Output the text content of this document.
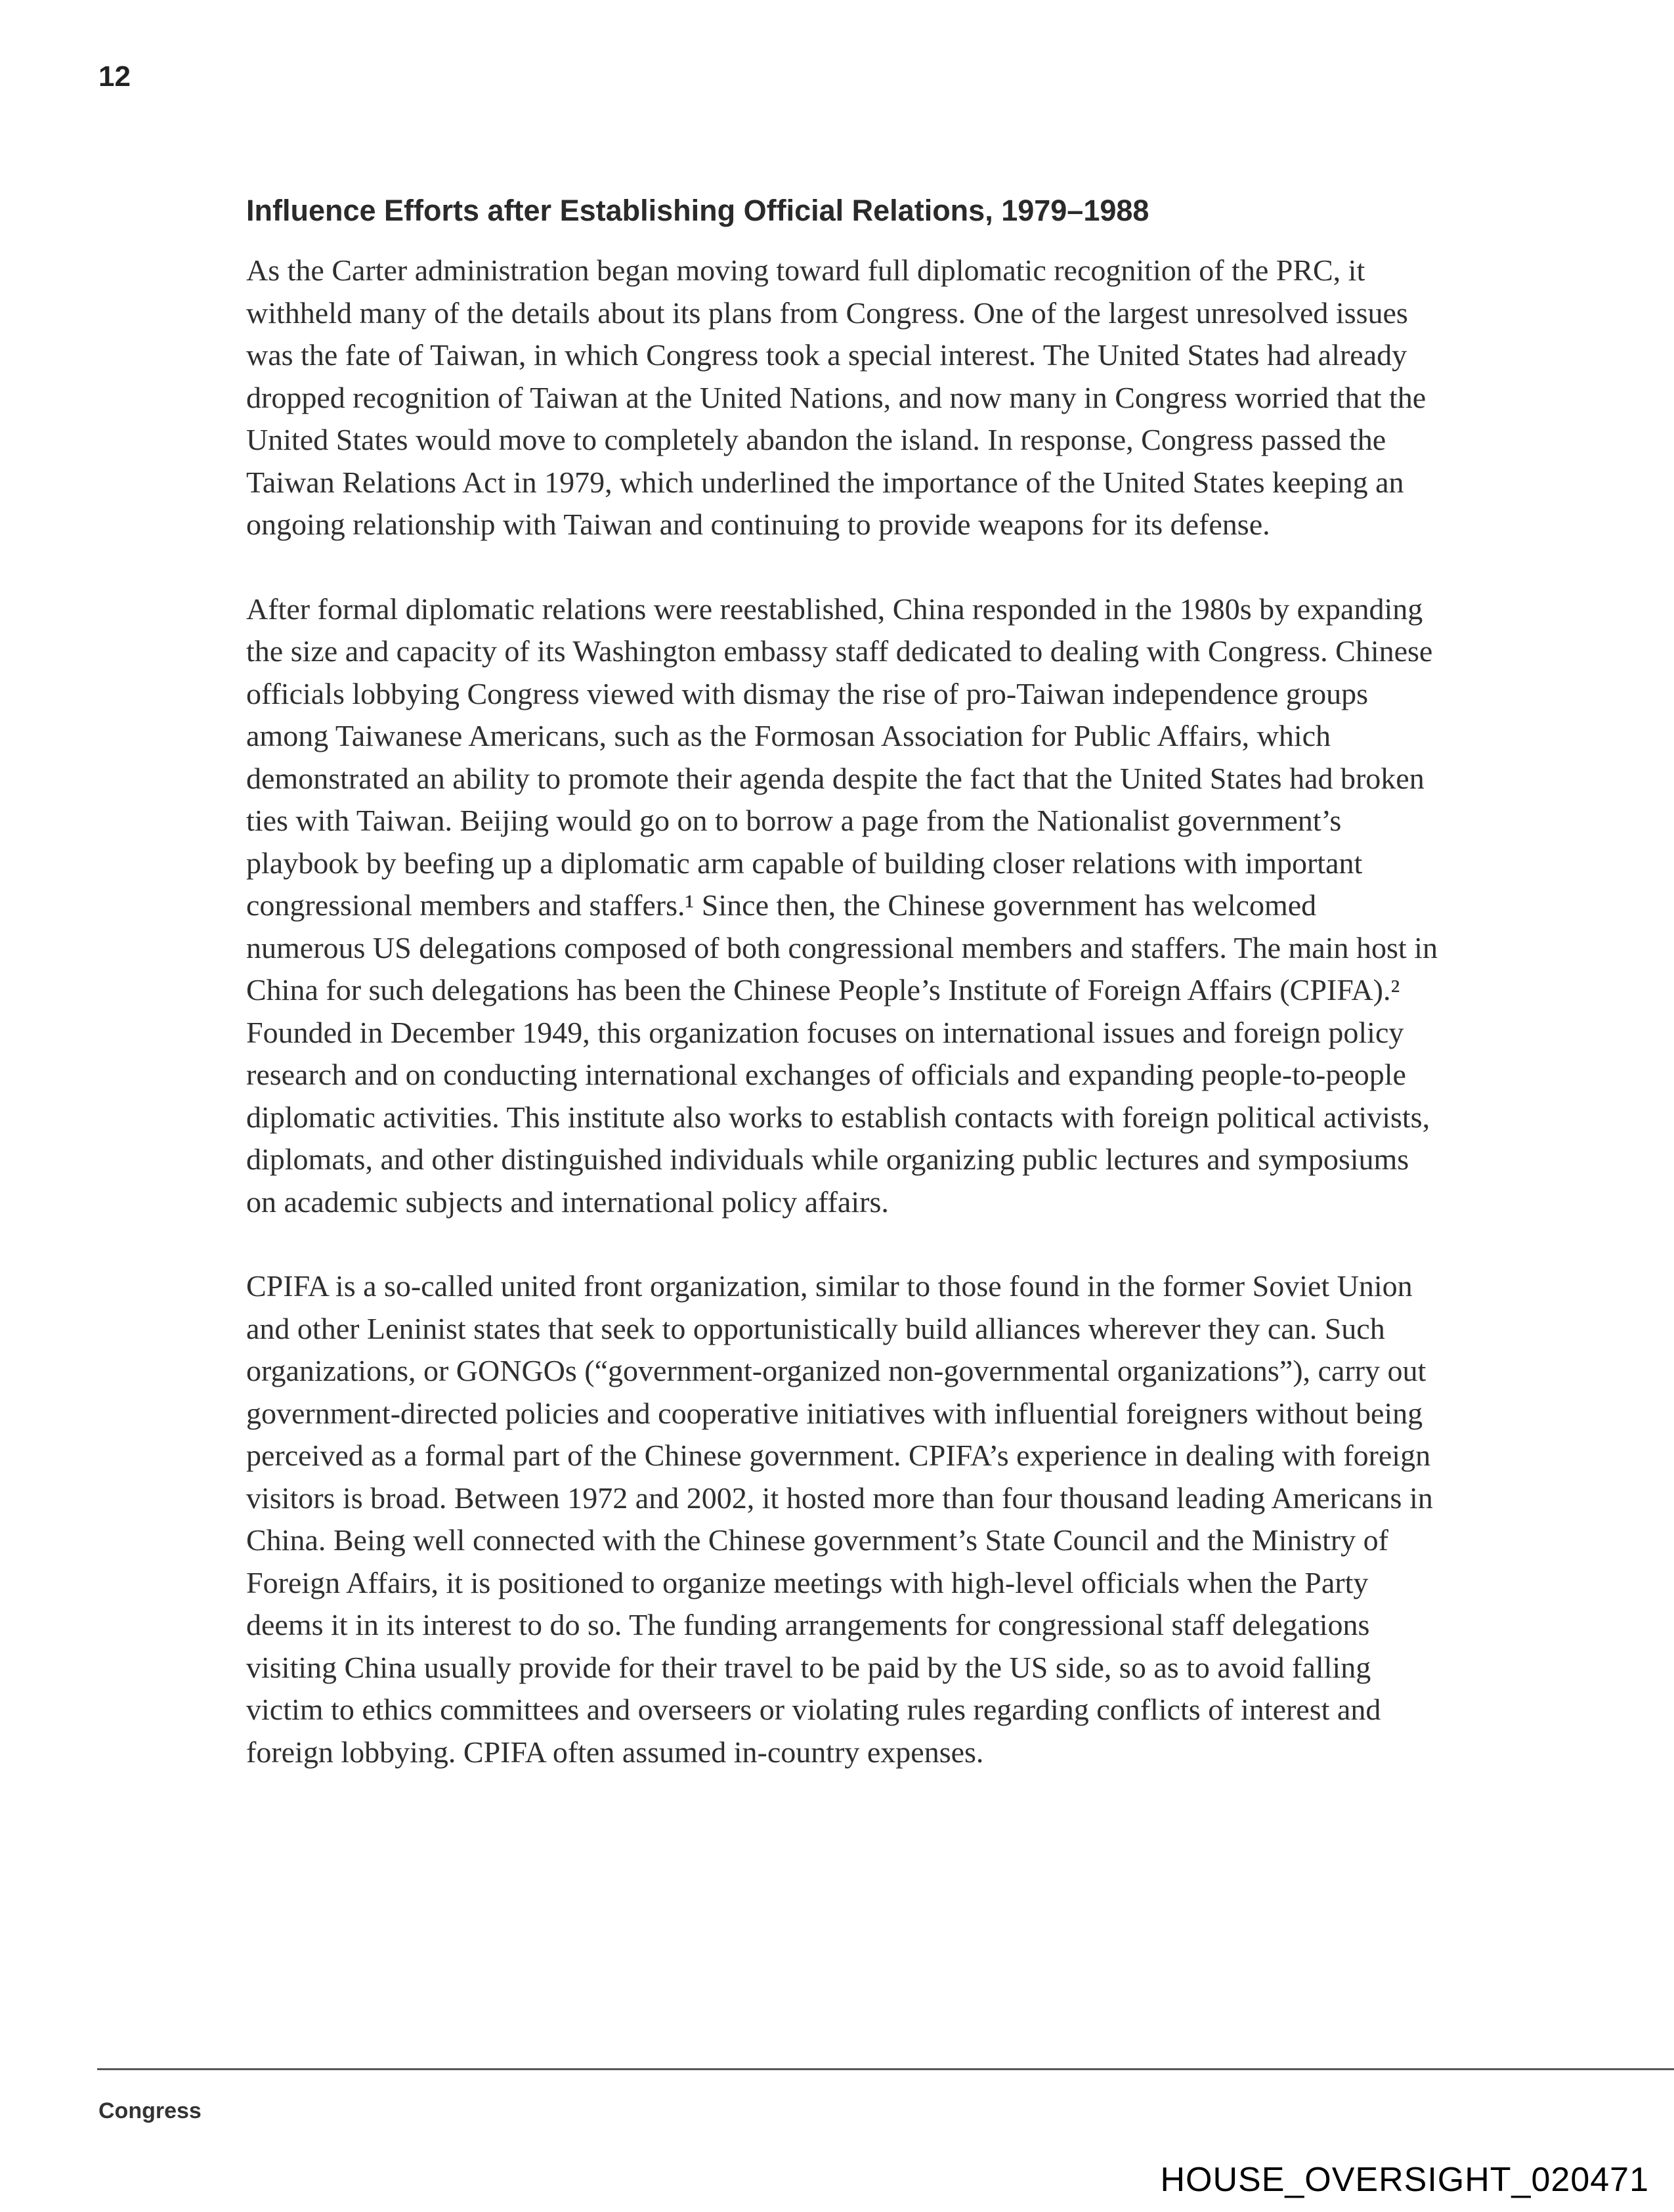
12
Influence Efforts after Establishing Official Relations, 1979–1988

As the Carter administration began moving toward full diplomatic recognition of the PRC, it withheld many of the details about its plans from Congress. One of the largest unresolved issues was the fate of Taiwan, in which Congress took a special interest. The United States had already dropped recognition of Taiwan at the United Nations, and now many in Congress worried that the United States would move to completely abandon the island. In response, Congress passed the Taiwan Relations Act in 1979, which underlined the importance of the United States keeping an ongoing relationship with Taiwan and continuing to provide weapons for its defense.

After formal diplomatic relations were reestablished, China responded in the 1980s by expanding the size and capacity of its Washington embassy staff dedicated to dealing with Congress. Chinese officials lobbying Congress viewed with dismay the rise of pro-Taiwan independence groups among Taiwanese Americans, such as the Formosan Association for Public Affairs, which demonstrated an ability to promote their agenda despite the fact that the United States had broken ties with Taiwan. Beijing would go on to borrow a page from the Nationalist government’s playbook by beefing up a diplomatic arm capable of building closer relations with important congressional members and staffers.¹ Since then, the Chinese government has welcomed numerous US delegations composed of both congressional members and staffers. The main host in China for such delegations has been the Chinese People’s Institute of Foreign Affairs (CPIFA).² Founded in December 1949, this organization focuses on international issues and foreign policy research and on conducting international exchanges of officials and expanding people-to-people diplomatic activities. This institute also works to establish contacts with foreign political activists, diplomats, and other distinguished individuals while organizing public lectures and symposiums on academic subjects and international policy affairs.

CPIFA is a so-called united front organization, similar to those found in the former Soviet Union and other Leninist states that seek to opportunistically build alliances wherever they can. Such organizations, or GONGOs (“government-organized non-governmental organizations”), carry out government-directed policies and cooperative initiatives with influential foreigners without being perceived as a formal part of the Chinese government. CPIFA’s experience in dealing with foreign visitors is broad. Between 1972 and 2002, it hosted more than four thousand leading Americans in China. Being well connected with the Chinese government’s State Council and the Ministry of Foreign Affairs, it is positioned to organize meetings with high-level officials when the Party deems it in its interest to do so. The funding arrangements for congressional staff delegations visiting China usually provide for their travel to be paid by the US side, so as to avoid falling victim to ethics committees and overseers or violating rules regarding conflicts of interest and foreign lobbying. CPIFA often assumed in-country expenses.

Congress
HOUSE_OVERSIGHT_020471
